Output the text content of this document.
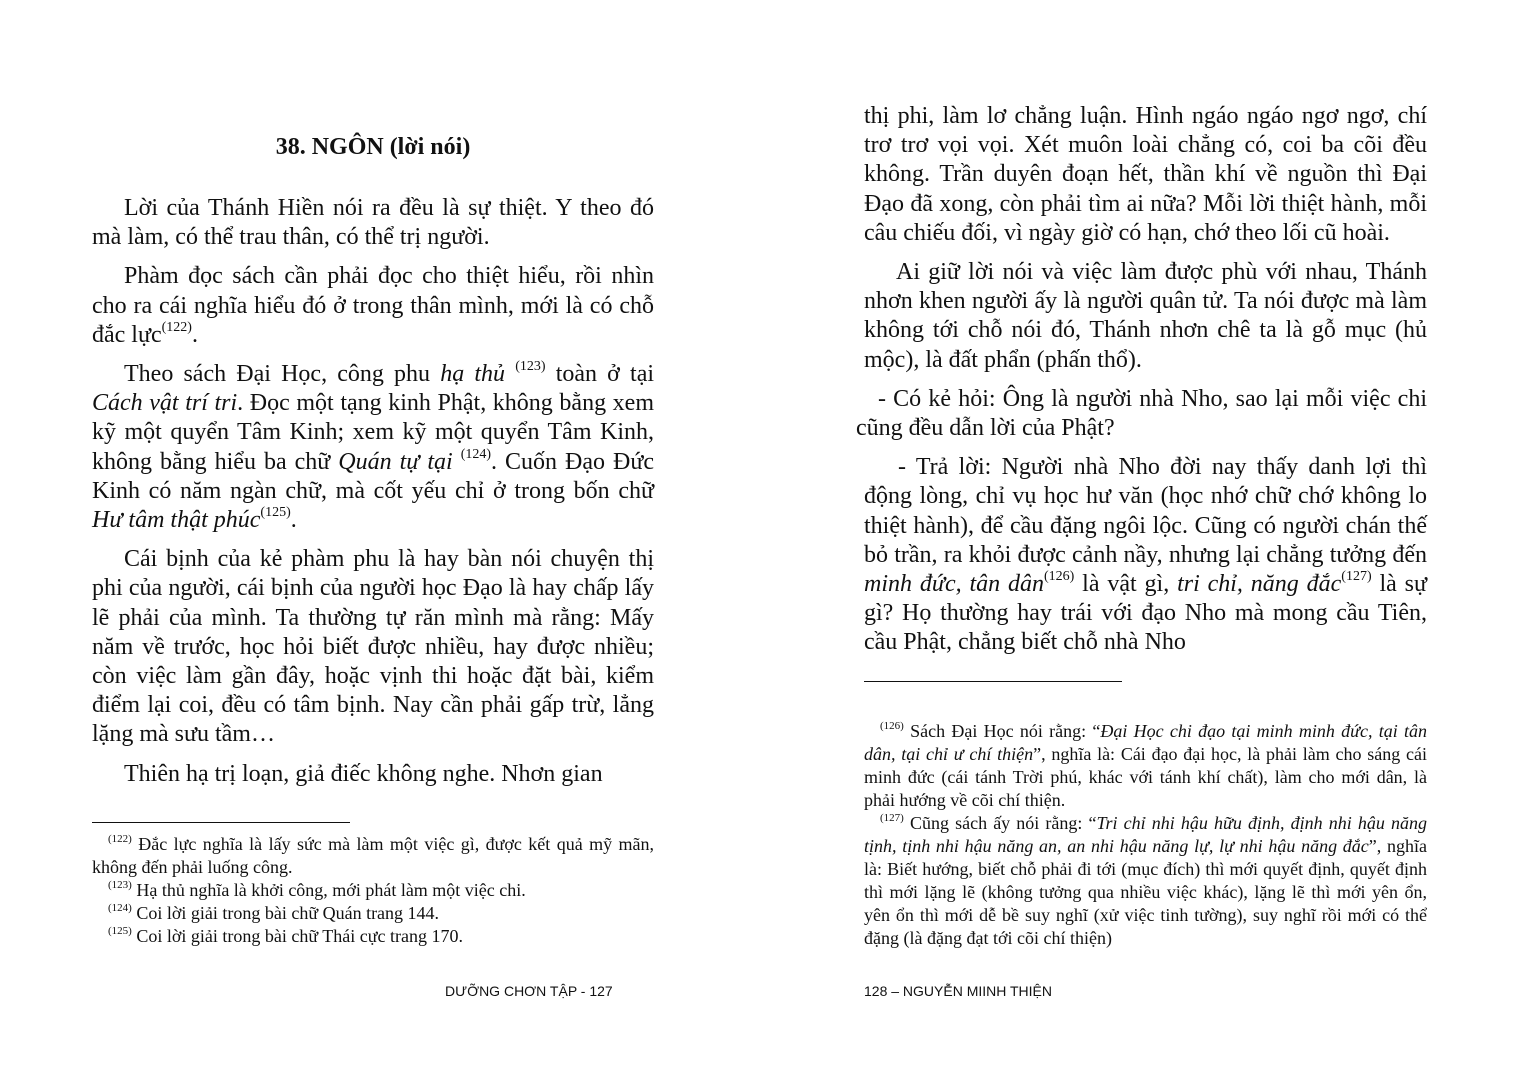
38. NGÔN (lời nói)

Lời của Thánh Hiền nói ra đều là sự thiệt. Y theo đó mà làm, có thể trau thân, có thể trị người.

Phàm đọc sách cần phải đọc cho thiệt hiểu, rồi nhìn cho ra cái nghĩa hiểu đó ở trong thân mình, mới là có chỗ đắc lực$^{(122)}$.

Theo sách Đại Học, công phu hạ thủ $^{(123)}$ toàn ở tại Cách vật trí tri. Đọc một tạng kinh Phật, không bằng xem kỹ một quyển Tâm Kinh; xem kỹ một quyển Tâm Kinh, không bằng hiểu ba chữ Quán tự tại $^{(124)}$. Cuốn Đạo Đức Kinh có năm ngàn chữ, mà cốt yếu chỉ ở trong bốn chữ Hư tâm thật phúc$^{(125)}$.

Cái bịnh của kẻ phàm phu là hay bàn nói chuyện thị phi của người, cái bịnh của người học Đạo là hay chấp lấy lẽ phải của mình. Ta thường tự răn mình mà rằng: Mấy năm về trước, học hỏi biết được nhiều, hay được nhiều; còn việc làm gần đây, hoặc vịnh thi hoặc đặt bài, kiểm điểm lại coi, đều có tâm bịnh. Nay cần phải gấp trừ, lẳng lặng mà sưu tầm…

Thiên hạ trị loạn, giả điếc không nghe. Nhơn gian

$^{(122)}$ Đắc lực nghĩa là lấy sức mà làm một việc gì, được kết quả mỹ mãn, không đến phải luống công.

$^{(123)}$ Hạ thủ nghĩa là khởi công, mới phát làm một việc chi.

$^{(124)}$ Coi lời giải trong bài chữ Quán trang 144.

$^{(125)}$ Coi lời giải trong bài chữ Thái cực trang 170.

DƯỠNG CHƠN TẬP - 127

thị phi, làm lơ chẳng luận. Hình ngáo ngáo ngơ ngơ, chí trơ trơ vọi vọi. Xét muôn loài chẳng có, coi ba cõi đều không. Trần duyên đoạn hết, thần khí về nguồn thì Đại Đạo đã xong, còn phải tìm ai nữa? Mỗi lời thiệt hành, mỗi câu chiếu đối, vì ngày giờ có hạn, chớ theo lối cũ hoài.

Ai giữ lời nói và việc làm được phù với nhau, Thánh nhơn khen người ấy là người quân tử. Ta nói được mà làm không tới chỗ nói đó, Thánh nhơn chê ta là gỗ mục (hủ mộc), là đất phẩn (phấn thổ).

- Có kẻ hỏi: Ông là người nhà Nho, sao lại mỗi việc chi cũng đều dẫn lời của Phật?

- Trả lời: Người nhà Nho đời nay thấy danh lợi thì động lòng, chỉ vụ học hư văn (học nhớ chữ chớ không lo thiệt hành), để cầu đặng ngôi lộc. Cũng có người chán thế bỏ trần, ra khỏi được cảnh nầy, nhưng lại chẳng tưởng đến minh đức, tân dân$^{(126)}$ là vật gì, tri chỉ, năng đắc$^{(127)}$ là sự gì? Họ thường hay trái với đạo Nho mà mong cầu Tiên, cầu Phật, chẳng biết chỗ nhà Nho

$^{(126)}$ Sách Đại Học nói rằng: “Đại Học chi đạo tại minh minh đức, tại tân dân, tại chỉ ư chí thiện”, nghĩa là: Cái đạo đại học, là phải làm cho sáng cái minh đức (cái tánh Trời phú, khác với tánh khí chất), làm cho mới dân, là phải hướng về cõi chí thiện.

$^{(127)}$ Cũng sách ấy nói rằng: “Tri chỉ nhi hậu hữu định, định nhi hậu năng tịnh, tịnh nhi hậu năng an, an nhi hậu năng lự, lự nhi hậu năng đắc”, nghĩa là: Biết hướng, biết chỗ phải đi tới (mục đích) thì mới quyết định, quyết định thì mới lặng lẽ (không tưởng qua nhiều việc khác), lặng lẽ thì mới yên ổn, yên ổn thì mới dễ bề suy nghĩ (xử việc tinh tường), suy nghĩ rồi mới có thể đặng (là đặng đạt tới cõi chí thiện)

128 – NGUYỄN MIINH THIỆN
